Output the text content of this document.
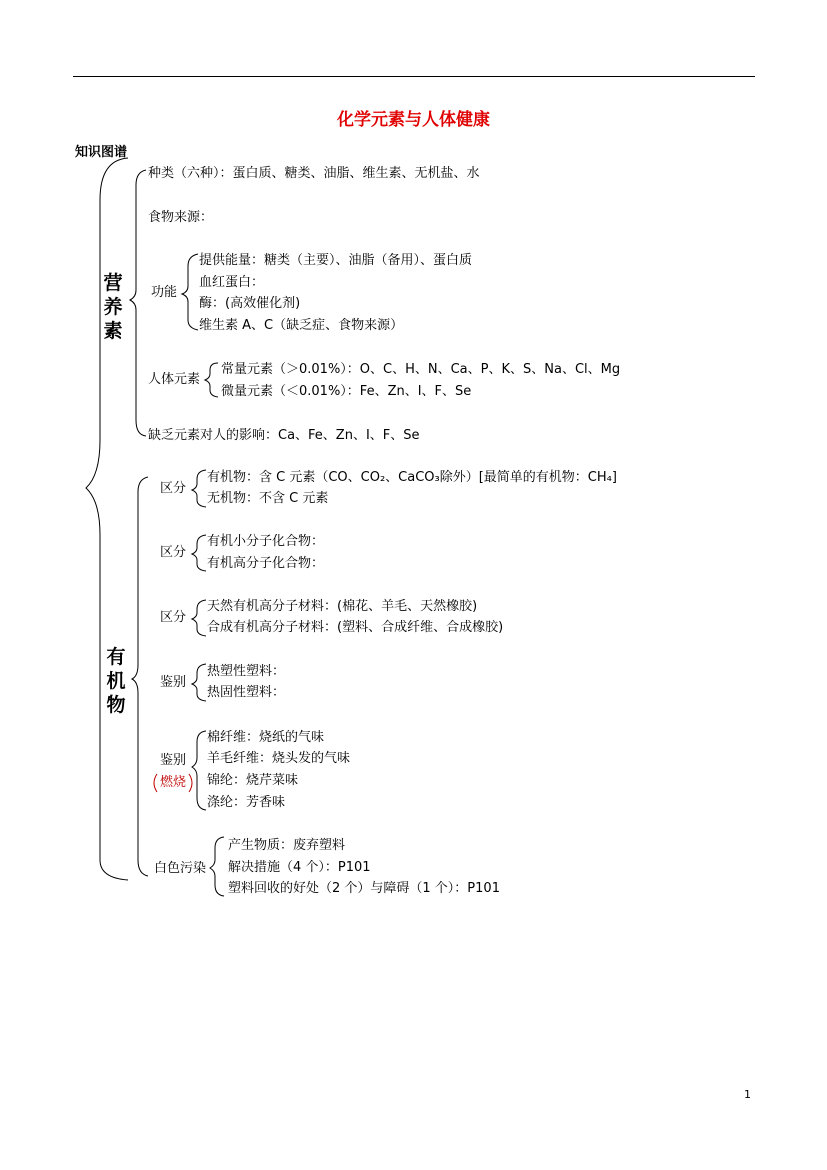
化学元素与人体健康
知识图谱
营
养
素
有
机
物
种类（六种）：蛋白质、糖类、油脂、维生素、无机盐、水
食物来源：
功能
提供能量：糖类（主要）、油脂（备用）、蛋白质
血红蛋白：
酶：(高效催化剂)
维生素 A、C（缺乏症、食物来源）
人体元素
常量元素（＞0.01%）：O、C、H、N、Ca、P、K、S、Na、Cl、Mg
微量元素（＜0.01%）：Fe、Zn、I、F、Se
缺乏元素对人的影响：Ca、Fe、Zn、I、F、Se
区分
有机物：含 C 元素（CO、CO₂、CaCO₃除外）[最简单的有机物：CH₄]
无机物：不含 C 元素
区分
有机小分子化合物：
有机高分子化合物：
区分
天然有机高分子材料：(棉花、羊毛、天然橡胶)
合成有机高分子材料：(塑料、合成纤维、合成橡胶)
鉴别
热塑性塑料：
热固性塑料：
鉴别
燃烧
棉纤维：烧纸的气味
羊毛纤维：烧头发的气味
锦纶：烧芹菜味
涤纶：芳香味
白色污染
产生物质：废弃塑料
解决措施（4 个）：P101
塑料回收的好处（2 个）与障碍（1 个）：P101
1
